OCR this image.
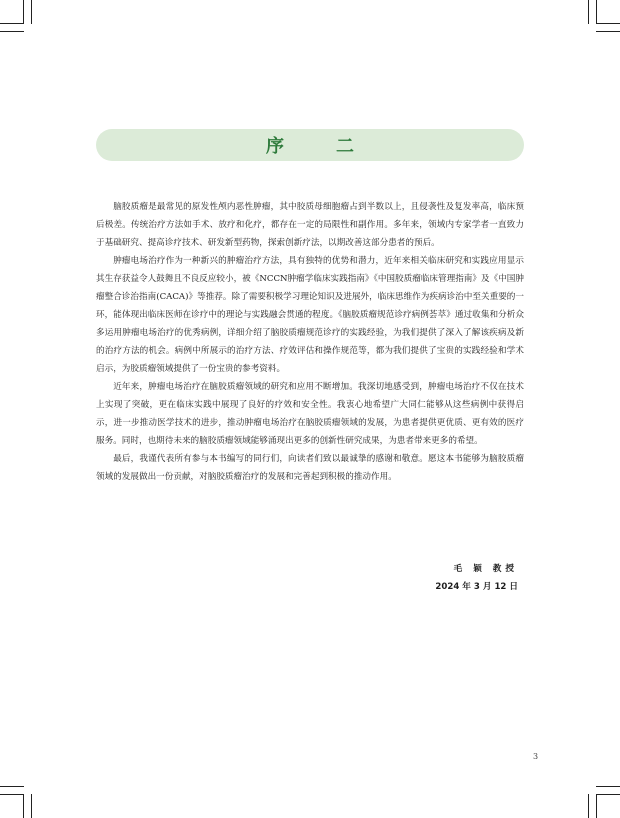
序二

脑胶质瘤是最常见的原发性颅内恶性肿瘤，其中胶质母细胞瘤占到半数以上，且侵袭性及复发率高，临床预后极差。传统治疗方法如手术、放疗和化疗，都存在一定的局限性和副作用。多年来，领域内专家学者一直致力于基础研究、提高诊疗技术、研发新型药物，探索创新疗法，以期改善这部分患者的预后。

肿瘤电场治疗作为一种新兴的肿瘤治疗方法，具有独特的优势和潜力，近年来相关临床研究和实践应用显示其生存获益令人鼓舞且不良反应较小，被《NCCN肿瘤学临床实践指南》《中国胶质瘤临床管理指南》及《中国肿瘤整合诊治指南(CACA)》等推荐。除了需要积极学习理论知识及进展外，临床思维作为疾病诊治中至关重要的一环，能体现出临床医师在诊疗中的理论与实践融会贯通的程度。《脑胶质瘤规范诊疗病例荟萃》通过收集和分析众多运用肿瘤电场治疗的优秀病例，详细介绍了脑胶质瘤规范诊疗的实践经验，为我们提供了深入了解该疾病及新的治疗方法的机会。病例中所展示的治疗方法、疗效评估和操作规范等，都为我们提供了宝贵的实践经验和学术启示，为胶质瘤领域提供了一份宝贵的参考资料。

近年来，肿瘤电场治疗在脑胶质瘤领域的研究和应用不断增加。我深切地感受到，肿瘤电场治疗不仅在技术上实现了突破，更在临床实践中展现了良好的疗效和安全性。我衷心地希望广大同仁能够从这些病例中获得启示，进一步推动医学技术的进步，推动肿瘤电场治疗在脑胶质瘤领域的发展，为患者提供更优质、更有效的医疗服务。同时，也期待未来的脑胶质瘤领域能够涌现出更多的创新性研究成果，为患者带来更多的希望。

最后，我谨代表所有参与本书编写的同行们，向读者们致以最诚挚的感谢和敬意。愿这本书能够为脑胶质瘤领域的发展做出一份贡献，对脑胶质瘤治疗的发展和完善起到积极的推动作用。

毛 颖 教授
2024 年 3 月 12 日
3
